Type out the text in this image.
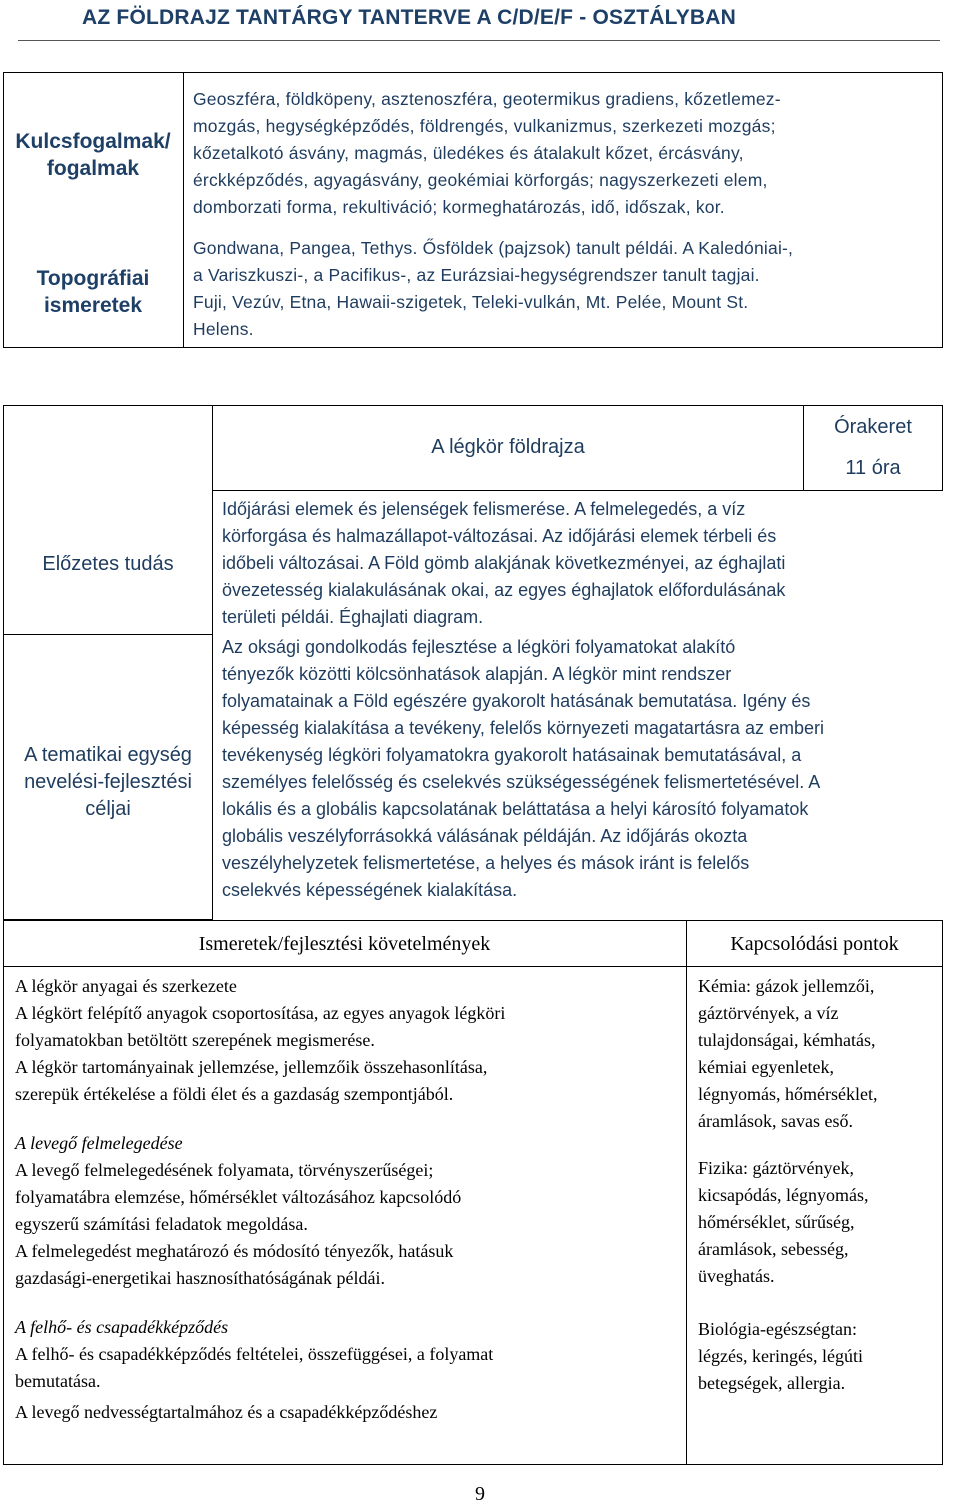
AZ FÖLDRAJZ TANTÁRGY TANTERVE A C/D/E/F - OSZTÁLYBAN
Kulcsfogalmak/
fogalmak
Topográfiai
ismeretek
Geoszféra, földköpeny, asztenoszféra, geotermikus gradiens, kőzetlemez-
mozgás, hegységképződés, földrengés, vulkanizmus, szerkezeti mozgás;
kőzetalkotó ásvány, magmás, üledékes és átalakult kőzet, ércásvány,
érckképződés, agyagásvány, geokémiai körforgás; nagyszerkezeti elem,
domborzati forma, rekultiváció; kormeghatározás, idő, időszak, kor.
Gondwana, Pangea, Tethys. Ősföldek (pajzsok) tanult példái. A Kaledóniai-,
a Variszkuszi-, a Pacifikus-, az Eurázsiai-hegységrendszer tanult tagjai.
Fuji, Vezúv, Etna, Hawaii-szigetek, Teleki-vulkán, Mt. Pelée, Mount St.
Helens.
A légkör földrajza
Órakeret
11 óra
Előzetes tudás
A tematikai egység
nevelési-fejlesztési
céljai
Időjárási elemek és jelenségek felismerése. A felmelegedés, a víz
körforgása és halmazállapot-változásai. Az időjárási elemek térbeli és
időbeli változásai. A Föld gömb alakjának következményei, az éghajlati
övezetesség kialakulásának okai, az egyes éghajlatok előfordulásának
területi példái. Éghajlati diagram.
Az oksági gondolkodás fejlesztése a légköri folyamatokat alakító
tényezők közötti kölcsönhatások alapján. A légkör mint rendszer
folyamatainak a Föld egészére gyakorolt hatásának bemutatása. Igény és
képesség kialakítása a tevékeny, felelős környezeti magatartásra az emberi
tevékenység légköri folyamatokra gyakorolt hatásainak bemutatásával, a
személyes felelősség és cselekvés szükségességének felismertetésével. A
lokális és a globális kapcsolatának beláttatása a helyi károsító folyamatok
globális veszélyforrásokká válásának példáján. Az időjárás okozta
veszélyhelyzetek felismertetése, a helyes és mások iránt is felelős
cselekvés képességének kialakítása.
Ismeretek/fejlesztési követelmények	Kapcsolódási pontok

A légkör anyagai és szerkezete

A légkört felépítő anyagok csoportosítása, az egyes anyagok légköri

folyamatokban betöltött szerepének megismerése.

A légkör tartományainak jellemzése, jellemzőik összehasonlítása,

szerepük értékelése a földi élet és a gazdaság szempontjából.

A levegő felmelegedése

A levegő felmelegedésének folyamata, törvényszerűségei;

folyamatábra elemzése, hőmérséklet változásához kapcsolódó

egyszerű számítási feladatok megoldása.

A felmelegedést meghatározó és módosító tényezők, hatásuk

gazdasági-energetikai hasznosíthatóságának példái.

A felhő- és csapadékképződés

A felhő- és csapadékképződés feltételei, összefüggései, a folyamat

bemutatása.

A levegő nedvességtartalmához és a csapadékképződéshez

Kémia: gázok jellemzői,
gáztörvények, a víz
tulajdonságai, kémhatás,
kémiai egyenletek,
légnyomás, hőmérséklet,
áramlások, savas eső.

Fizika: gáztörvények,
kicsapódás, légnyomás,
hőmérséklet, sűrűség,
áramlások, sebesség,
üveghatás.

Biológia-egészségtan:
légzés, keringés, légúti
betegségek, allergia.

9
